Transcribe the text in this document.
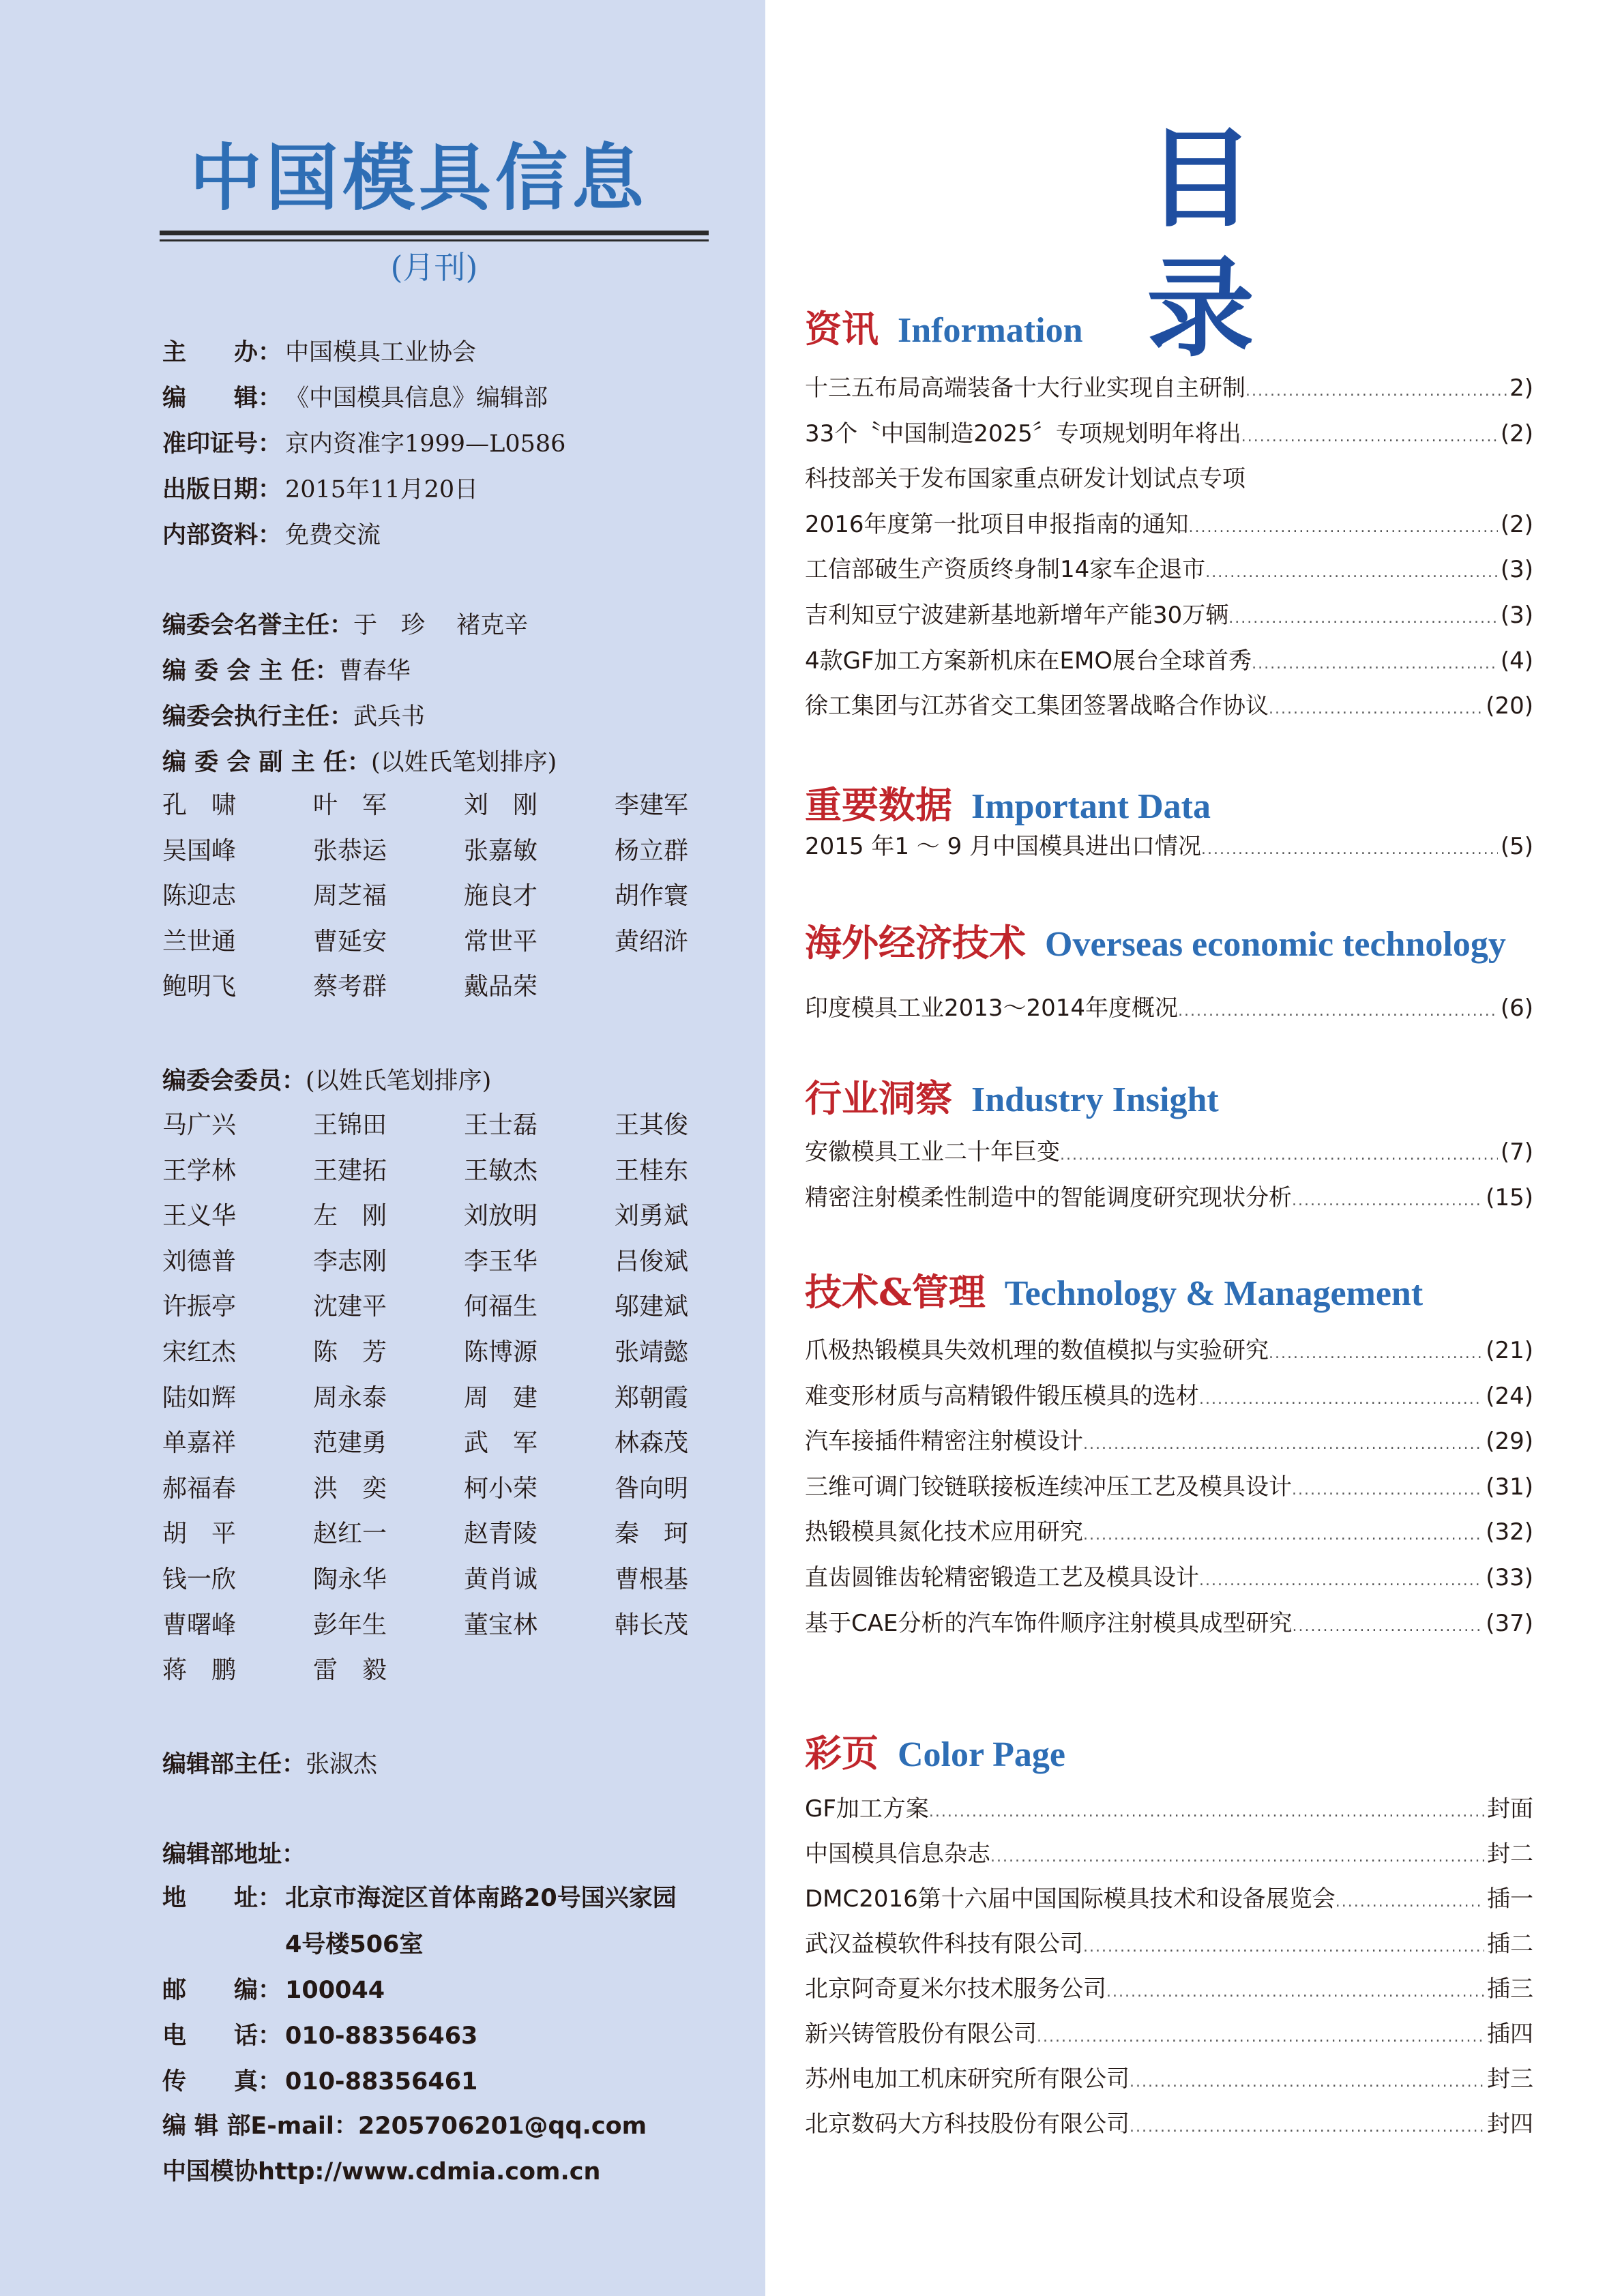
中国模具信息
(月刊)
主　　办： 中国模具工业协会
编　　辑： 《中国模具信息》编辑部
准印证号： 京内资准字1999—L0586
出版日期： 2015年11月20日
内部资料： 免费交流
编委会名誉主任：于　珍　 褚克辛
编 委 会 主 任：曹春华
编委会执行主任：武兵书
编 委 会 副 主 任：(以姓氏笔划排序)
孔　啸	叶　军	刘　刚	李建军
吴国峰	张恭运	张嘉敏	杨立群
陈迎志	周芝福	施良才	胡作寰
兰世通	曹延安	常世平	黄绍浒
鲍明飞	蔡考群	戴品荣
编委会委员：(以姓氏笔划排序)
马广兴	王锦田	王士磊	王其俊
王学林	王建拓	王敏杰	王桂东
王义华	左　刚	刘放明	刘勇斌
刘德普	李志刚	李玉华	吕俊斌
许振亭	沈建平	何福生	邬建斌
宋红杰	陈　芳	陈博源	张靖懿
陆如辉	周永泰	周　建	郑朝霞
单嘉祥	范建勇	武　军	林森茂
郝福春	洪　奕	柯小荣	昝向明
胡　平	赵红一	赵青陵	秦　珂
钱一欣	陶永华	黄肖诚	曹根基
曹曙峰	彭年生	董宝林	韩长茂
蒋　鹏	雷　毅
编辑部主任：张淑杰
编辑部地址：
地　　址： 北京市海淀区首体南路20号国兴家园
4号楼506室
邮　　编： 100044
电　　话： 010-88356463
传　　真： 010-88356461
编 辑 部E-mail：2205706201@qq.com
中国模协http://www.cdmia.com.cn
目　录
资讯 Information
十三五布局高端装备十大行业实现自主研制 .....	2)
33个〝中国制造2025〞专项规划明年将出 .....	(2)
科技部关于发布国家重点研发计划试点专项
2016年度第一批项目申报指南的通知 .....	(2)
工信部破生产资质终身制14家车企退市 .....	(3)
吉利知豆宁波建新基地新增年产能30万辆 .....	(3)
4款GF加工方案新机床在EMO展台全球首秀 .....	(4)
徐工集团与江苏省交工集团签署战略合作协议 .....	(20)
重要数据 Important Data
2015 年1 ～ 9 月中国模具进出口情况 .....	(5)
海外经济技术 Overseas economic technology
印度模具工业2013～2014年度概况 .....	(6)
行业洞察 Industry Insight
安徽模具工业二十年巨变 .....	(7)
精密注射模柔性制造中的智能调度研究现状分析 .....	(15)
技术&管理 Technology & Management
爪极热锻模具失效机理的数值模拟与实验研究 .....	(21)
难变形材质与高精锻件锻压模具的选材 .....	(24)
汽车接插件精密注射模设计 .....	(29)
三维可调门铰链联接板连续冲压工艺及模具设计 .....	(31)
热锻模具氮化技术应用研究 .....	(32)
直齿圆锥齿轮精密锻造工艺及模具设计 .....	(33)
基于CAE分析的汽车饰件顺序注射模具成型研究 .....	(37)
彩页 Color Page
GF加工方案 .....	封面
中国模具信息杂志 .....	封二
DMC2016第十六届中国国际模具技术和设备展览会 .....	插一
武汉益模软件科技有限公司 .....	插二
北京阿奇夏米尔技术服务公司 .....	插三
新兴铸管股份有限公司 .....	插四
苏州电加工机床研究所有限公司 .....	封三
北京数码大方科技股份有限公司 .....	封四
